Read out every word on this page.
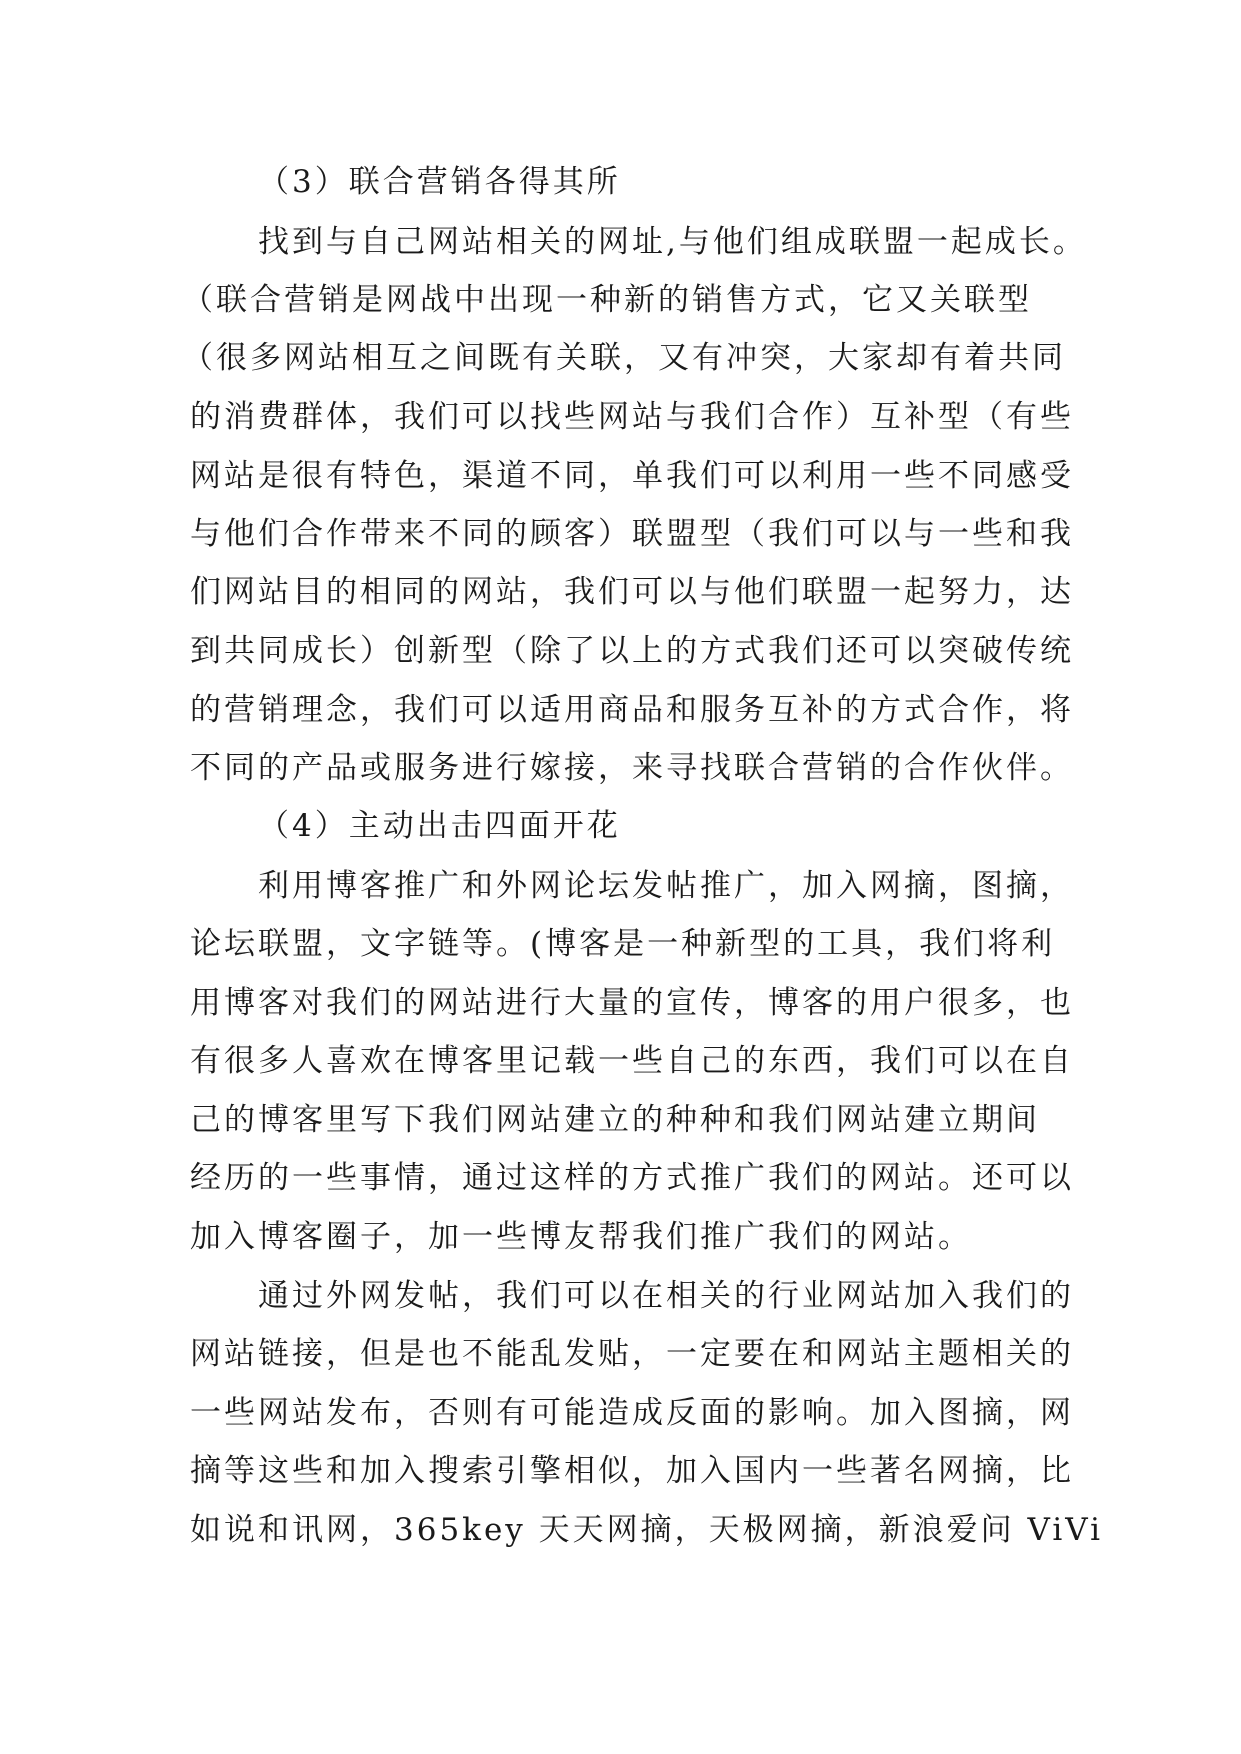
（3）联合营销各得其所
找到与自己网站相关的网址,与他们组成联盟一起成长。
（联合营销是网战中出现一种新的销售方式，它又关联型
（很多网站相互之间既有关联，又有冲突，大家却有着共同
的消费群体，我们可以找些网站与我们合作）互补型（有些
网站是很有特色，渠道不同，单我们可以利用一些不同感受
与他们合作带来不同的顾客）联盟型（我们可以与一些和我
们网站目的相同的网站，我们可以与他们联盟一起努力，达
到共同成长）创新型（除了以上的方式我们还可以突破传统
的营销理念，我们可以适用商品和服务互补的方式合作，将
不同的产品或服务进行嫁接，来寻找联合营销的合作伙伴。
（4）主动出击四面开花
利用博客推广和外网论坛发帖推广，加入网摘，图摘，
论坛联盟，文字链等。(博客是一种新型的工具，我们将利
用博客对我们的网站进行大量的宣传，博客的用户很多，也
有很多人喜欢在博客里记载一些自己的东西，我们可以在自
己的博客里写下我们网站建立的种种和我们网站建立期间
经历的一些事情，通过这样的方式推广我们的网站。还可以
加入博客圈子，加一些博友帮我们推广我们的网站。
通过外网发帖，我们可以在相关的行业网站加入我们的
网站链接，但是也不能乱发贴，一定要在和网站主题相关的
一些网站发布，否则有可能造成反面的影响。加入图摘，网
摘等这些和加入搜索引擎相似，加入国内一些著名网摘，比
如说和讯网，365key 天天网摘，天极网摘，新浪爱问 ViVi
